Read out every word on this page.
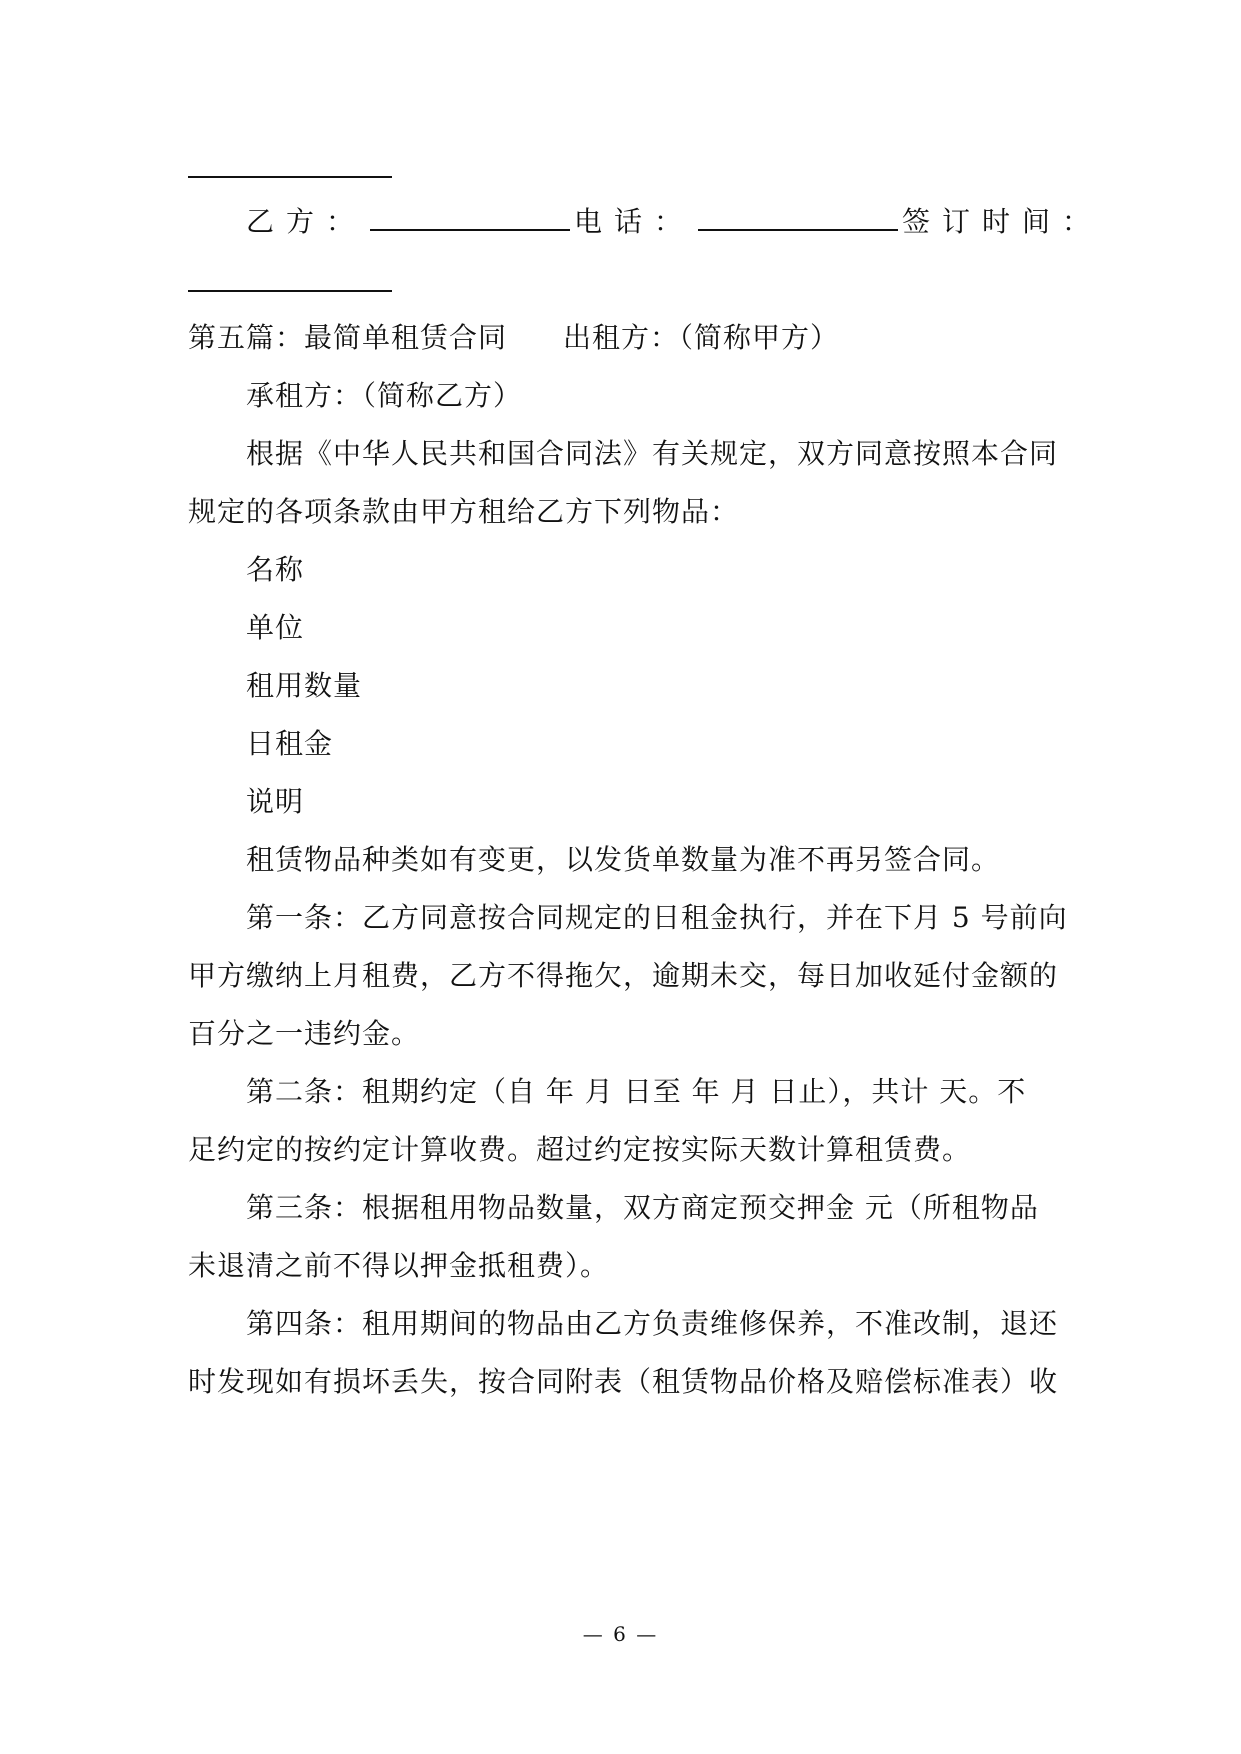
乙方：	电话：	签订时间：
第五篇：最简单租赁合同 出租方：（简称甲方）
承租方：（简称乙方）
根据《中华人民共和国合同法》有关规定，双方同意按照本合同
规定的各项条款由甲方租给乙方下列物品：
名称
单位
租用数量
日租金
说明
租赁物品种类如有变更，以发货单数量为准不再另签合同。
第一条：乙方同意按合同规定的日租金执行，并在下月 5 号前向
甲方缴纳上月租费，乙方不得拖欠，逾期未交，每日加收延付金额的
百分之一违约金。
第二条：租期约定（自 年 月 日至 年 月 日止），共计 天。不
足约定的按约定计算收费。超过约定按实际天数计算租赁费。
第三条：根据租用物品数量，双方商定预交押金 元（所租物品
未退清之前不得以押金抵租费）。
第四条：租用期间的物品由乙方负责维修保养，不准改制，退还
时发现如有损坏丢失，按合同附表（租赁物品价格及赔偿标准表）收
— 6 —
